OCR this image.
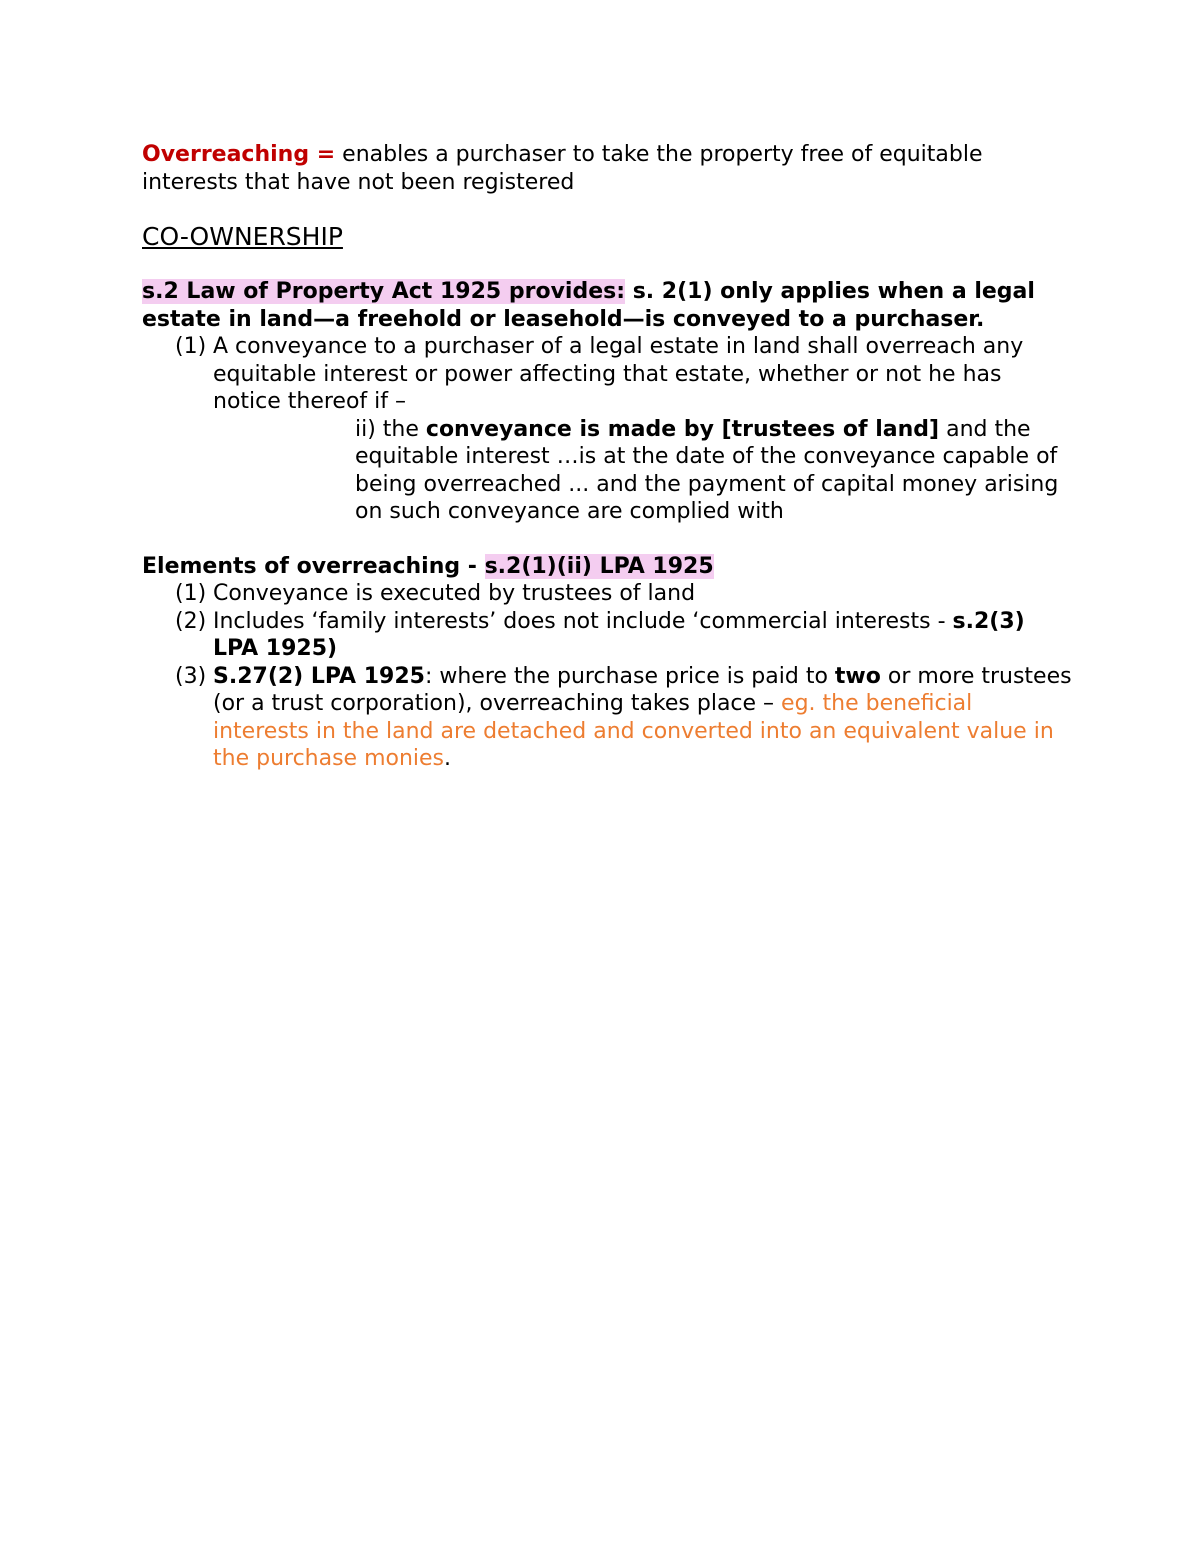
Overreaching = enables a purchaser to take the property free of equitable interests that have not been registered

CO-OWNERSHIP

s.2 Law of Property Act 1925 provides: s. 2(1) only applies when a legal estate in land—a freehold or leasehold—is conveyed to a purchaser.

(1) A conveyance to a purchaser of a legal estate in land shall overreach any equitable interest or power affecting that estate, whether or not he has notice thereof if –
ii) the conveyance is made by [trustees of land] and the equitable interest …is at the date of the conveyance capable of being overreached ... and the payment of capital money arising on such conveyance are complied with

Elements of overreaching - s.2(1)(ii) LPA 1925

(1) Conveyance is executed by trustees of land
(2) Includes ‘family interests’ does not include ‘commercial interests - s.2(3) LPA 1925)
(3) S.27(2) LPA 1925: where the purchase price is paid to two or more trustees (or a trust corporation), overreaching takes place – eg. the beneficial interests in the land are detached and converted into an equivalent value in the purchase monies.
